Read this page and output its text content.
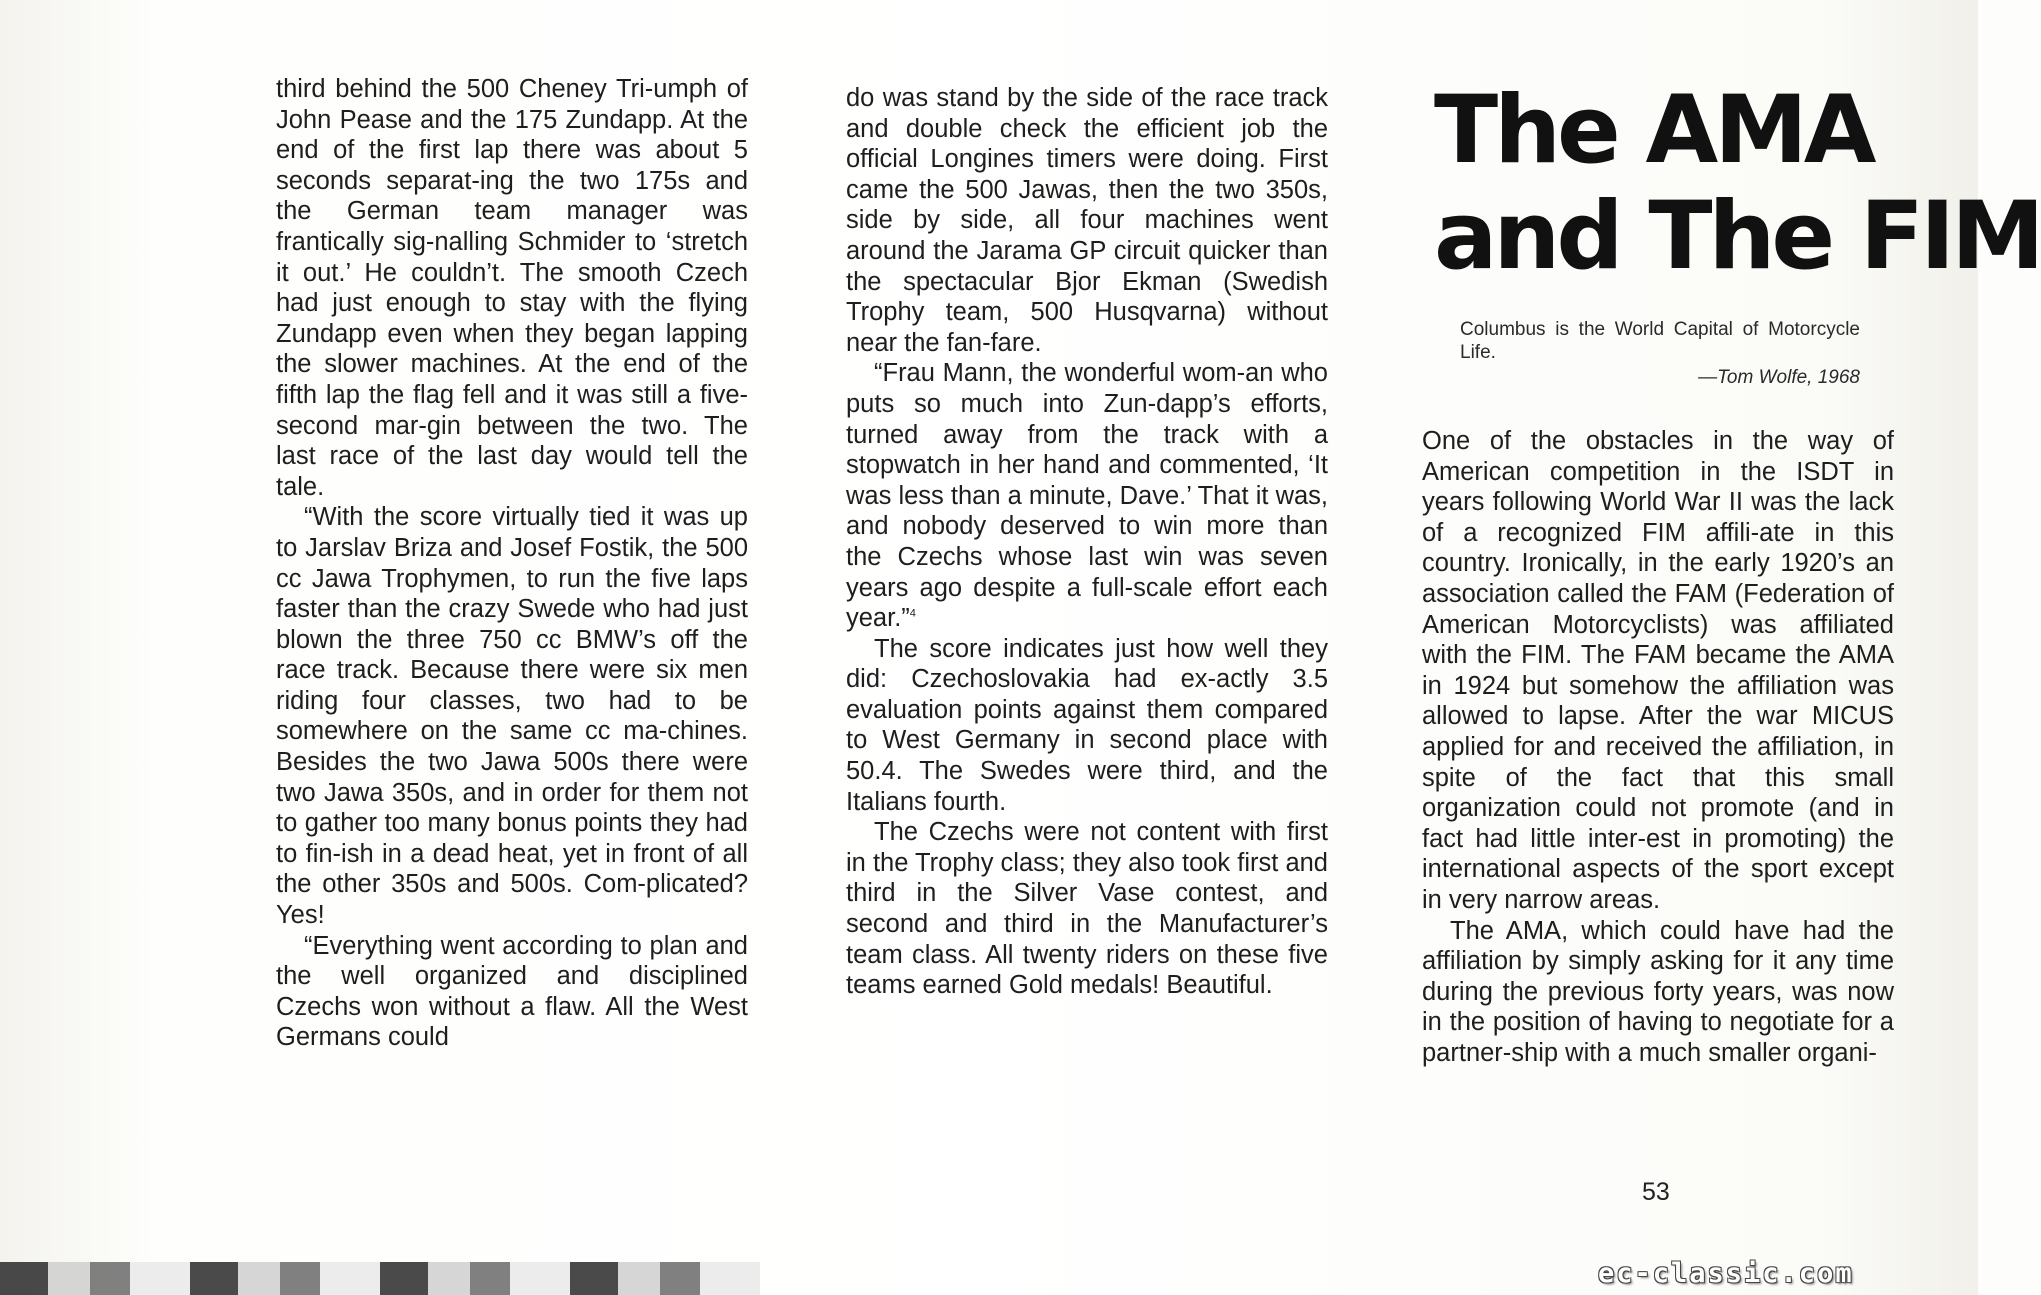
third behind the 500 Cheney Tri-umph of John Pease and the 175 Zundapp. At the end of the first lap there was about 5 seconds separat-ing the two 175s and the German team manager was frantically sig-nalling Schmider to ‘stretch it out.’ He couldn’t. The smooth Czech had just enough to stay with the flying Zundapp even when they began lapping the slower machines. At the end of the fifth lap the flag fell and it was still a five-second mar-gin between the two. The last race of the last day would tell the tale.

“With the score virtually tied it was up to Jarslav Briza and Josef Fostik, the 500 cc Jawa Trophymen, to run the five laps faster than the crazy Swede who had just blown the three 750 cc BMW’s off the race track. Because there were six men riding four classes, two had to be somewhere on the same cc ma-chines. Besides the two Jawa 500s there were two Jawa 350s, and in order for them not to gather too many bonus points they had to fin-ish in a dead heat, yet in front of all the other 350s and 500s. Com-plicated? Yes!

“Everything went according to plan and the well organized and disciplined Czechs won without a flaw. All the West Germans could

do was stand by the side of the race track and double check the efficient job the official Longines timers were doing. First came the 500 Jawas, then the two 350s, side by side, all four machines went around the Jarama GP circuit quicker than the spectacular Bjor Ekman (Swedish Trophy team, 500 Husqvarna) without near the fan-fare.

“Frau Mann, the wonderful wom-an who puts so much into Zun-dapp’s efforts, turned away from the track with a stopwatch in her hand and commented, ‘It was less than a minute, Dave.’ That it was, and nobody deserved to win more than the Czechs whose last win was seven years ago despite a full-scale effort each year.”$^4$

The score indicates just how well they did: Czechoslovakia had ex-actly 3.5 evaluation points against them compared to West Germany in second place with 50.4. The Swedes were third, and the Italians fourth.

The Czechs were not content with first in the Trophy class; they also took first and third in the Silver Vase contest, and second and third in the Manufacturer’s team class. All twenty riders on these five teams earned Gold medals! Beautiful.

The AMA
and The FIM
Columbus is the World Capital of Motorcycle Life.
—Tom Wolfe, 1968

One of the obstacles in the way of American competition in the ISDT in years following World War II was the lack of a recognized FIM affili-ate in this country. Ironically, in the early 1920’s an association called the FAM (Federation of American Motorcyclists) was affiliated with the FIM. The FAM became the AMA in 1924 but somehow the affiliation was allowed to lapse. After the war MICUS applied for and received the affiliation, in spite of the fact that this small organization could not promote (and in fact had little inter-est in promoting) the international aspects of the sport except in very narrow areas.

The AMA, which could have had the affiliation by simply asking for it any time during the previous forty years, was now in the position of having to negotiate for a partner-ship with a much smaller organi-

53
ec-classic.com
